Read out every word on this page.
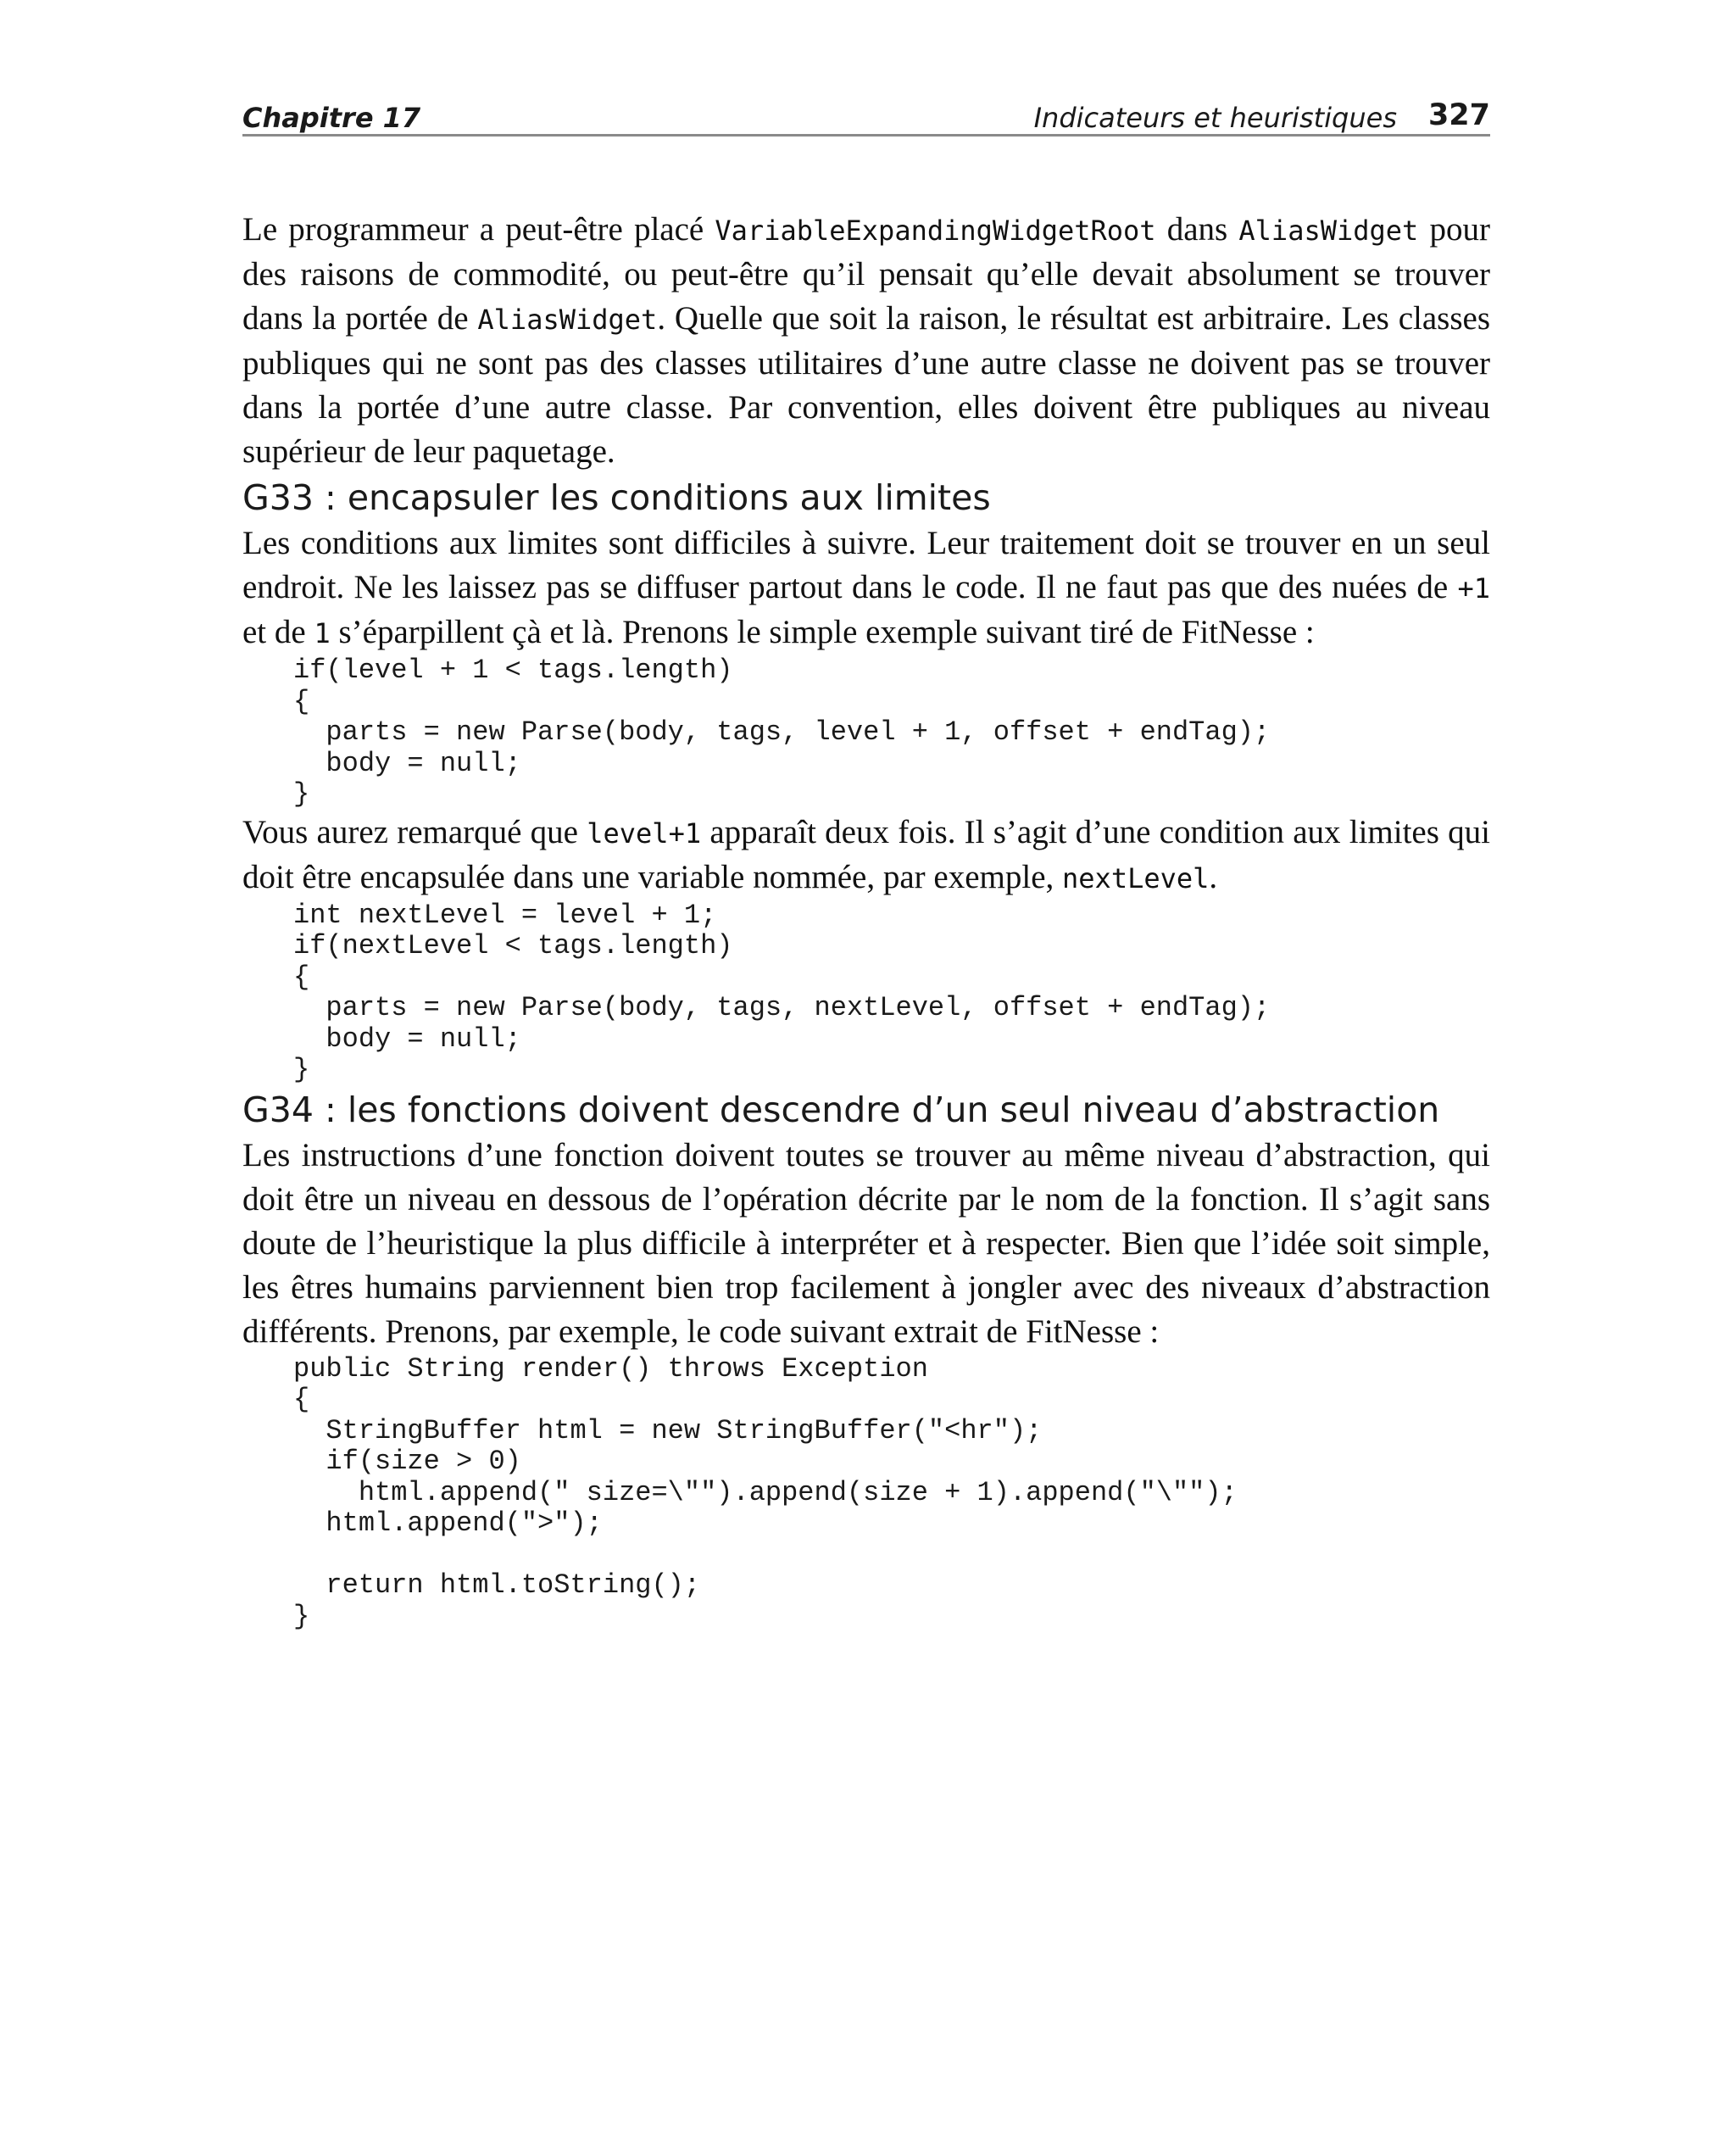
Chapitre 17	Indicateurs et heuristiques 327

Le programmeur a peut-être placé VariableExpandingWidgetRoot dans AliasWidget pour des raisons de commodité, ou peut-être qu’il pensait qu’elle devait absolument se trouver dans la portée de AliasWidget. Quelle que soit la raison, le résultat est arbitraire. Les classes publiques qui ne sont pas des classes utilitaires d’une autre classe ne doivent pas se trouver dans la portée d’une autre classe. Par convention, elles doivent être publiques au niveau supérieur de leur paquetage.

G33 : encapsuler les conditions aux limites

Les conditions aux limites sont difficiles à suivre. Leur traitement doit se trouver en un seul endroit. Ne les laissez pas se diffuser partout dans le code. Il ne faut pas que des nuées de +1 et de 1 s’éparpillent çà et là. Prenons le simple exemple suivant tiré de FitNesse :

if(level + 1 < tags.length)
{
parts = new Parse(body, tags, level + 1, offset + endTag);
body = null;
}

Vous aurez remarqué que level+1 apparaît deux fois. Il s’agit d’une condition aux limites qui doit être encapsulée dans une variable nommée, par exemple, nextLevel.

int nextLevel = level + 1;
if(nextLevel < tags.length)
{
parts = new Parse(body, tags, nextLevel, offset + endTag);
body = null;
}
G34 : les fonctions doivent descendre d’un seul niveau d’abstraction

Les instructions d’une fonction doivent toutes se trouver au même niveau d’abstraction, qui doit être un niveau en dessous de l’opération décrite par le nom de la fonction. Il s’agit sans doute de l’heuristique la plus difficile à interpréter et à respecter. Bien que l’idée soit simple, les êtres humains parviennent bien trop facilement à jongler avec des niveaux d’abstraction différents. Prenons, par exemple, le code suivant extrait de FitNesse :

public String render() throws Exception
{
StringBuffer html = new StringBuffer("<hr");
if(size > 0)
html.append(" size=\"").append(size + 1).append("\"");
html.append(">");

return html.toString();
}
